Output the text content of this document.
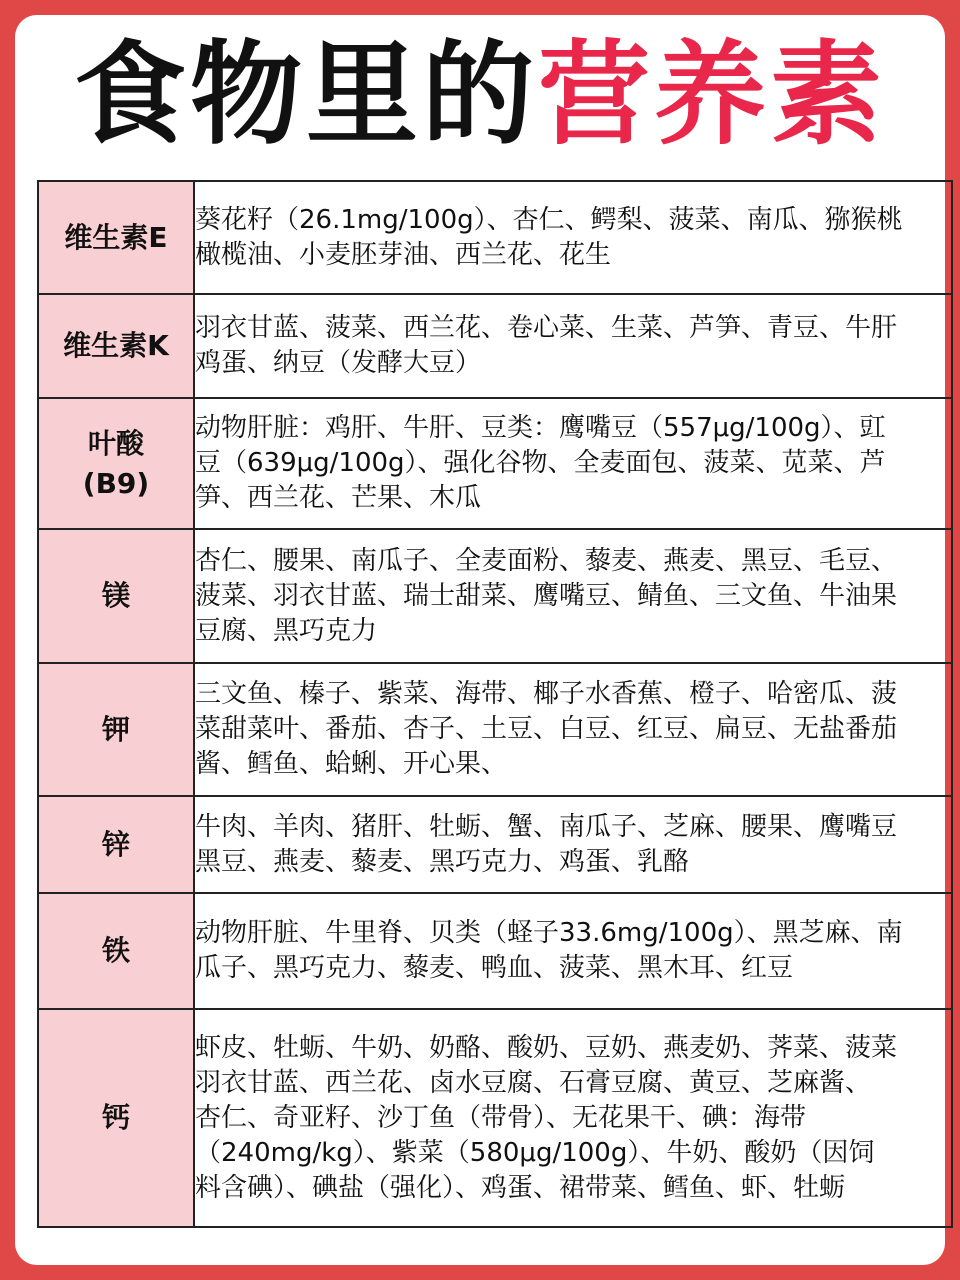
食物里的营养素
维生素E	葵花籽（26.1mg/100g）、杏仁、鳄梨、菠菜、南瓜、猕猴桃
橄榄油、小麦胚芽油、西兰花、花生

维生素K	羽衣甘蓝、菠菜、西兰花、卷心菜、生菜、芦笋、青豆、牛肝
鸡蛋、纳豆（发酵大豆）

叶酸
(B9)	动物肝脏：鸡肝、牛肝、豆类：鹰嘴豆（557μg/100g）、豇
豆（639μg/100g）、强化谷物、全麦面包、菠菜、苋菜、芦
笋、西兰花、芒果、木瓜

镁	杏仁、腰果、南瓜子、全麦面粉、藜麦、燕麦、黑豆、毛豆、
菠菜、羽衣甘蓝、瑞士甜菜、鹰嘴豆、鲭鱼、三文鱼、牛油果
豆腐、黑巧克力

钾	三文鱼、榛子、紫菜、海带、椰子水香蕉、橙子、哈密瓜、菠
菜甜菜叶、番茄、杏子、土豆、白豆、红豆、扁豆、无盐番茄
酱、鳕鱼、蛤蜊、开心果、

锌	牛肉、羊肉、猪肝、牡蛎、蟹、南瓜子、芝麻、腰果、鹰嘴豆
黑豆、燕麦、藜麦、黑巧克力、鸡蛋、乳酪

铁	动物肝脏、牛里脊、贝类（蛏子33.6mg/100g）、黑芝麻、南
瓜子、黑巧克力、藜麦、鸭血、菠菜、黑木耳、红豆

钙	虾皮、牡蛎、牛奶、奶酪、酸奶、豆奶、燕麦奶、荠菜、菠菜
羽衣甘蓝、西兰花、卤水豆腐、石膏豆腐、黄豆、芝麻酱、
杏仁、奇亚籽、沙丁鱼（带骨）、无花果干、碘：海带
（240mg/kg）、紫菜（580μg/100g）、牛奶、酸奶（因饲
料含碘）、碘盐（强化）、鸡蛋、裙带菜、鳕鱼、虾、牡蛎
